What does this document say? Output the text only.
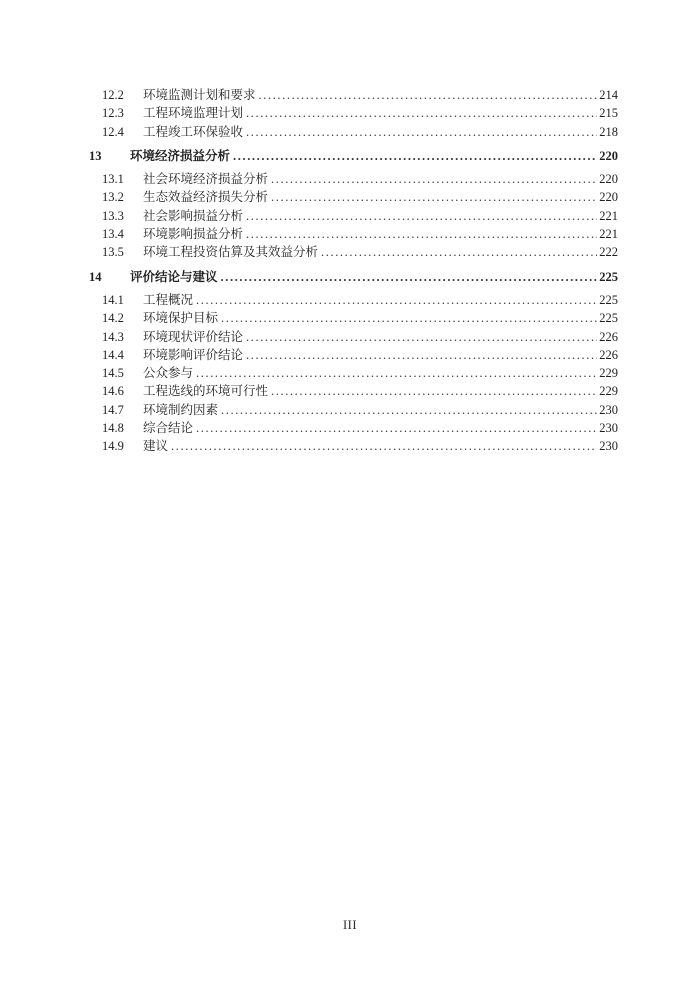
12.2	环境监测计划和要求 .....	214
12.3	工程环境监理计划 .....	215
12.4	工程竣工环保验收 .....	218
13	环境经济损益分析 .....	220
13.1	社会环境经济损益分析 .....	220
13.2	生态效益经济损失分析 .....	220
13.3	社会影响损益分析 .....	221
13.4	环境影响损益分析 .....	221
13.5	环境工程投资估算及其效益分析 .....	222
14	评价结论与建议 .....	225
14.1	工程概况 .....	225
14.2	环境保护目标 .....	225
14.3	环境现状评价结论 .....	226
14.4	环境影响评价结论 .....	226
14.5	公众参与 .....	229
14.6	工程选线的环境可行性 .....	229
14.7	环境制约因素 .....	230
14.8	综合结论 .....	230
14.9	建议 .....	230
III
